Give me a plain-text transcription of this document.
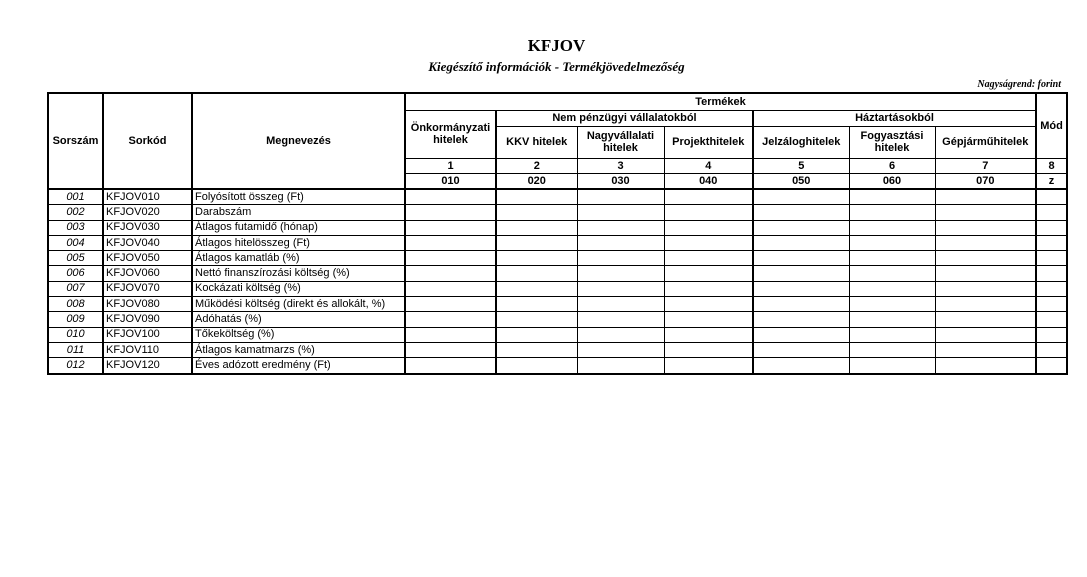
KFJOV
Kiegészítő információk - Termékjövedelmezőség
Nagyságrend: forint
Sorszám	Sorkód	Megnevezés	Termékek							Mód
			Önkormányzati hitelek	Nem pénzügyi vállalatokból			Háztartásokból			
				KKV hitelek	Nagyvállalati hitelek	Projekthitelek	Jelzáloghitelek	Fogyasztási hitelek	Gépjárműhitelek	
			1	2	3	4	5	6	7	8
			010	020	030	040	050	060	070	z
001	KFJOV010	Folyósított összeg (Ft)								
002	KFJOV020	Darabszám								
003	KFJOV030	Átlagos futamidő (hónap)								
004	KFJOV040	Átlagos hitelösszeg (Ft)								
005	KFJOV050	Átlagos kamatláb (%)								
006	KFJOV060	Nettó finanszírozási költség (%)								
007	KFJOV070	Kockázati költség (%)								
008	KFJOV080	Működési költség (direkt és allokált, %)								
009	KFJOV090	Adóhatás (%)								
010	KFJOV100	Tőkeköltség (%)								
011	KFJOV110	Átlagos kamatmarzs (%)								
012	KFJOV120	Éves adózott eredmény (Ft)								
